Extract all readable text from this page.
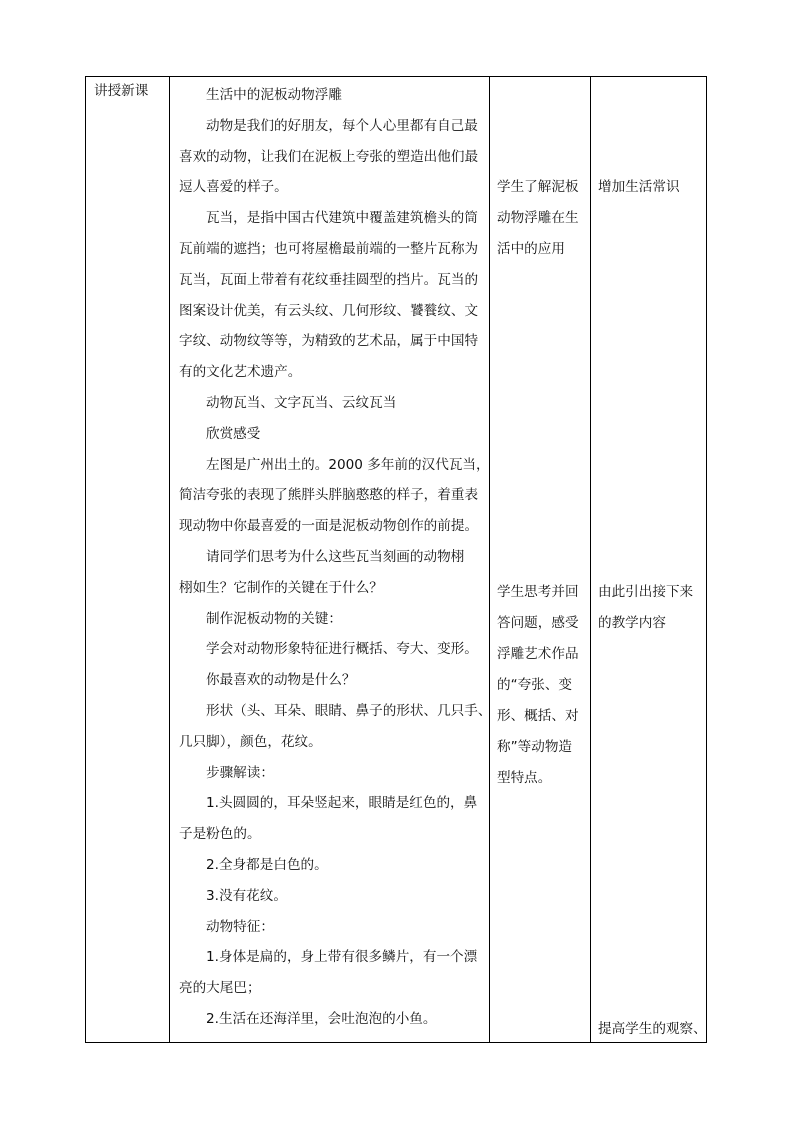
讲授新课	生活中的泥板动物浮雕
动物是我们的好朋友，每个人心里都有自己最
喜欢的动物，让我们在泥板上夸张的塑造出他们最
逗人喜爱的样子。
瓦当，是指中国古代建筑中覆盖建筑檐头的筒
瓦前端的遮挡；也可将屋檐最前端的一整片瓦称为
瓦当，瓦面上带着有花纹垂挂圆型的挡片。瓦当的
图案设计优美，有云头纹、几何形纹、饕餮纹、文
字纹、动物纹等等，为精致的艺术品，属于中国特
有的文化艺术遗产。
动物瓦当、文字瓦当、云纹瓦当
欣赏感受
左图是广州出土的。2000 多年前的汉代瓦当，
简洁夸张的表现了熊胖头胖脑憨憨的样子，着重表
现动物中你最喜爱的一面是泥板动物创作的前提。
请同学们思考为什么这些瓦当刻画的动物栩
栩如生？它制作的关键在于什么？
制作泥板动物的关键：
学会对动物形象特征进行概括、夸大、变形。
你最喜欢的动物是什么？
形状（头、耳朵、眼睛、鼻子的形状、几只手、
几只脚），颜色，花纹。
步骤解读：
1.头圆圆的，耳朵竖起来，眼睛是红色的，鼻
子是粉色的。
2.全身都是白色的。
3.没有花纹。
动物特征：
1.身体是扁的，身上带有很多鳞片，有一个漂
亮的大尾巴；
2.生活在还海洋里，会吐泡泡的小鱼。
学生了解泥板
动物浮雕在生
活中的应用
学生思考并回
答问题，感受
浮雕艺术作品
的“夸张、变
形、概括、对
称”等动物造
型特点。
增加生活常识
由此引出接下来
的教学内容
提高学生的观察、
